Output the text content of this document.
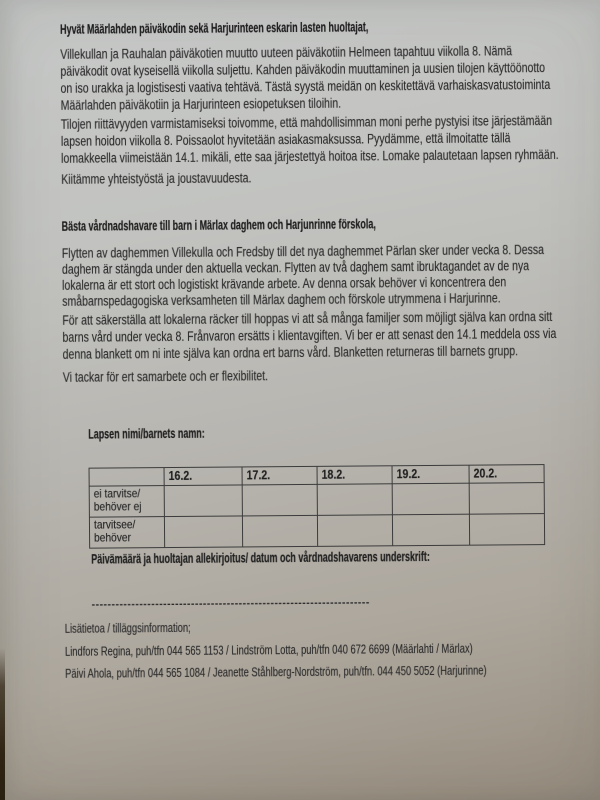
Hyvät Määrlahden päiväkodin sekä Harjurinteen eskarin lasten huoltajat,
Villekullan ja Rauhalan päiväkotien muutto uuteen päiväkotiin Helmeen tapahtuu viikolla 8. Nämä
päiväkodit ovat kyseisellä viikolla suljettu. Kahden päiväkodin muuttaminen ja uusien tilojen käyttöönotto
on iso urakka ja logistisesti vaativa tehtävä. Tästä syystä meidän on keskitettävä varhaiskasvatustoiminta
Määrlahden päiväkotiin ja Harjurinteen esiopetuksen tiloihin.
Tilojen riittävyyden varmistamiseksi toivomme, että mahdollisimman moni perhe pystyisi itse järjestämään
lapsen hoidon viikolla 8. Poissaolot hyvitetään asiakasmaksussa. Pyydämme, että ilmoitatte tällä
lomakkeella viimeistään 14.1. mikäli, ette saa järjestettyä hoitoa itse. Lomake palautetaan lapsen ryhmään.
Kiitämme yhteistyöstä ja joustavuudesta.
Bästa vårdnadshavare till barn i Märlax daghem och Harjunrinne förskola,
Flytten av daghemmen Villekulla och Fredsby till det nya daghemmet Pärlan sker under vecka 8. Dessa
daghem är stängda under den aktuella veckan. Flytten av två daghem samt ibruktagandet av de nya
lokalerna är ett stort och logistiskt krävande arbete. Av denna orsak behöver vi koncentrera den
småbarnspedagogiska verksamheten till Märlax daghem och förskole utrymmena i Harjurinne.
För att säkerställa att lokalerna räcker till hoppas vi att så många familjer som möjligt själva kan ordna sitt
barns vård under vecka 8. Frånvaron ersätts i klientavgiften. Vi ber er att senast den 14.1 meddela oss via
denna blankett om ni inte själva kan ordna ert barns vård. Blanketten returneras till barnets grupp.
Vi tackar för ert samarbete och er flexibilitet.
Lapsen nimi/barnets namn:
	16.2.	17.2.	18.2.	19.2.	20.2.
ei tarvitse/
behöver ej					
tarvitsee/
behöver					
Päivämäärä ja huoltajan allekirjoitus/ datum och vårdnadshavarens underskrift:
----------------------------------------------------------------------
Lisätietoa / tilläggsinformation;
Lindfors Regina, puh/tfn 044 565 1153 / Lindström Lotta, puh/tfn 040 672 6699 (Määrlahti / Märlax)
Päivi Ahola, puh/tfn 044 565 1084 / Jeanette Ståhlberg-Nordström, puh/tfn. 044 450 5052 (Harjurinne)
